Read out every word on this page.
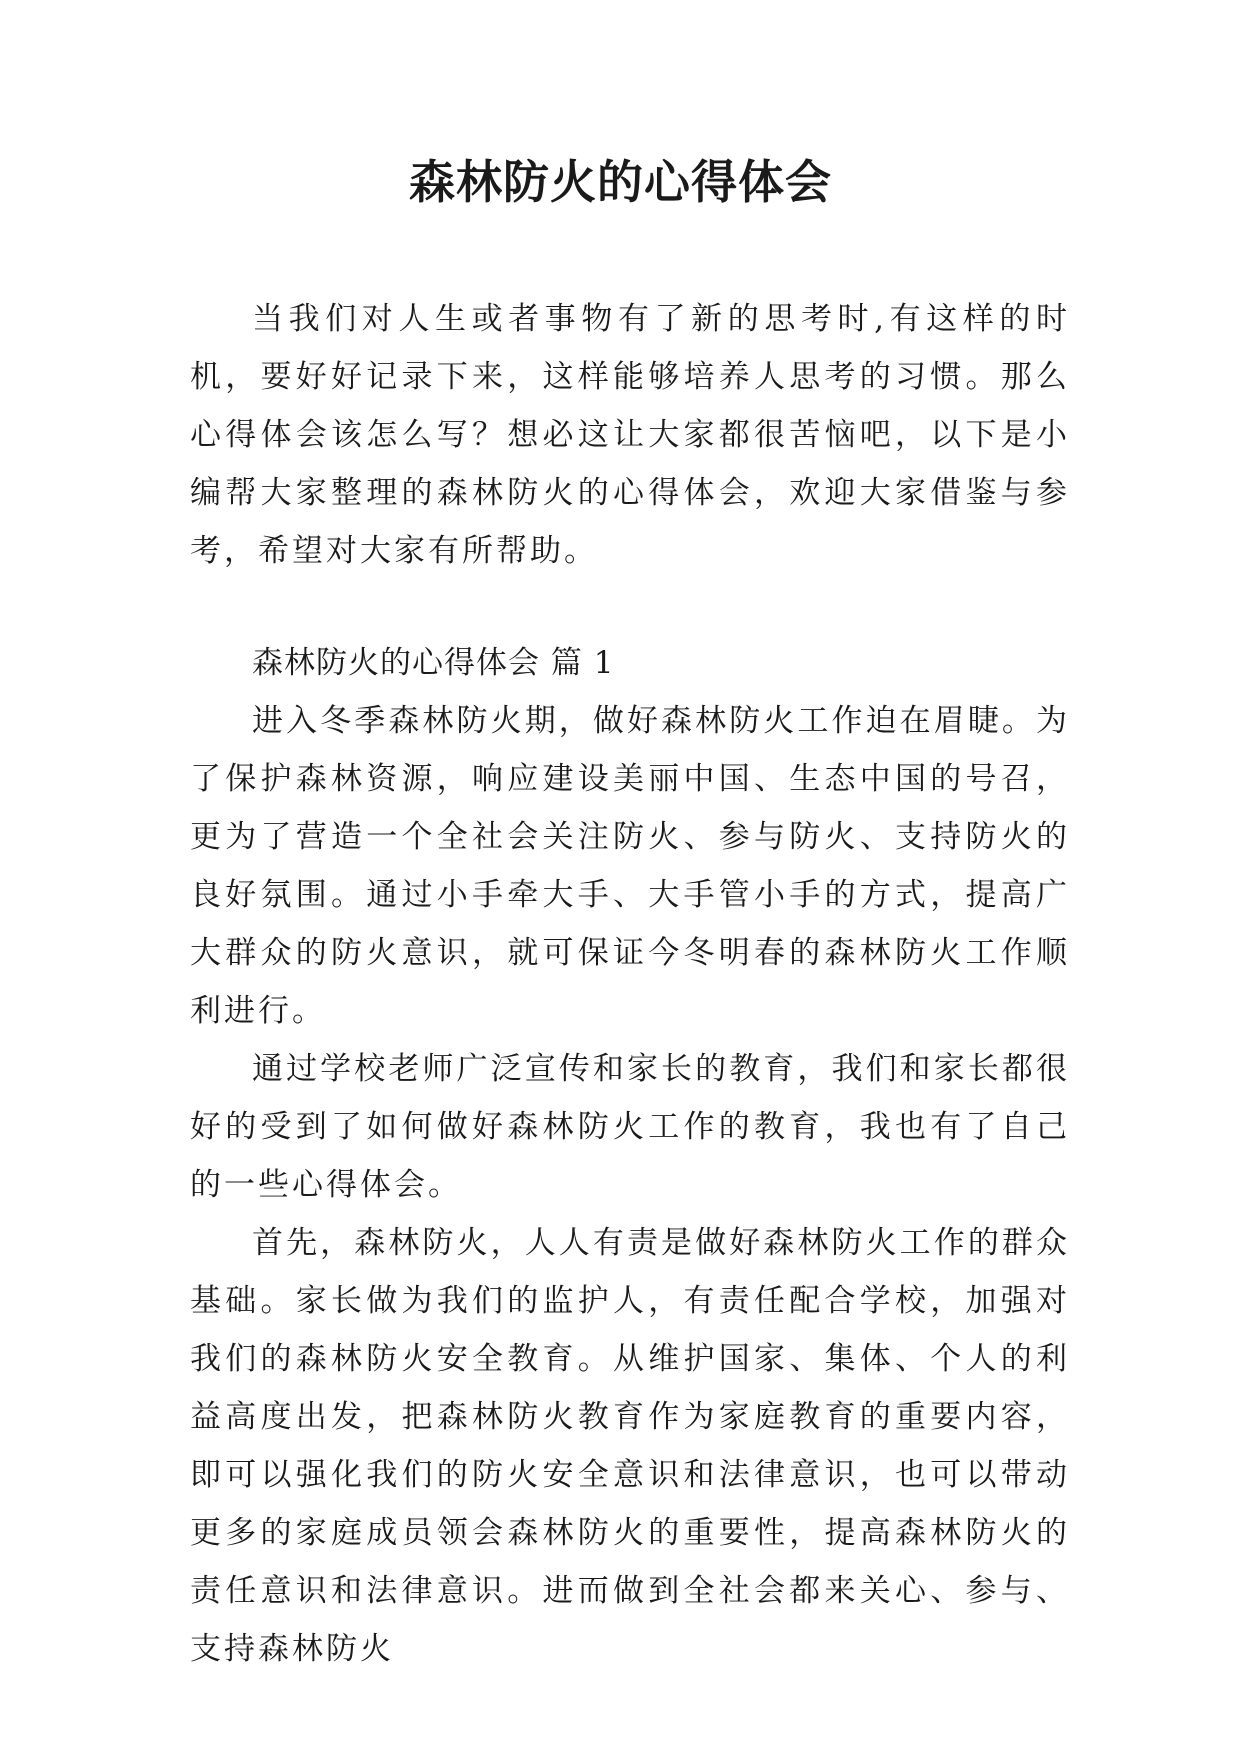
森林防火的心得体会

当我们对人生或者事物有了新的思考时,有这样的时机，要好好记录下来，这样能够培养人思考的习惯。那么心得体会该怎么写？想必这让大家都很苦恼吧，以下是小编帮大家整理的森林防火的心得体会，欢迎大家借鉴与参考，希望对大家有所帮助。

森林防火的心得体会 篇 1

进入冬季森林防火期，做好森林防火工作迫在眉睫。为了保护森林资源，响应建设美丽中国、生态中国的号召，更为了营造一个全社会关注防火、参与防火、支持防火的良好氛围。通过小手牵大手、大手管小手的方式，提高广大群众的防火意识，就可保证今冬明春的森林防火工作顺利进行。

通过学校老师广泛宣传和家长的教育，我们和家长都很好的受到了如何做好森林防火工作的教育，我也有了自己的一些心得体会。

首先，森林防火，人人有责是做好森林防火工作的群众基础。家长做为我们的监护人，有责任配合学校，加强对我们的森林防火安全教育。从维护国家、集体、个人的利益高度出发，把森林防火教育作为家庭教育的重要内容，即可以强化我们的防火安全意识和法律意识，也可以带动更多的家庭成员领会森林防火的重要性，提高森林防火的责任意识和法律意识。进而做到全社会都来关心、参与、支持森林防火
